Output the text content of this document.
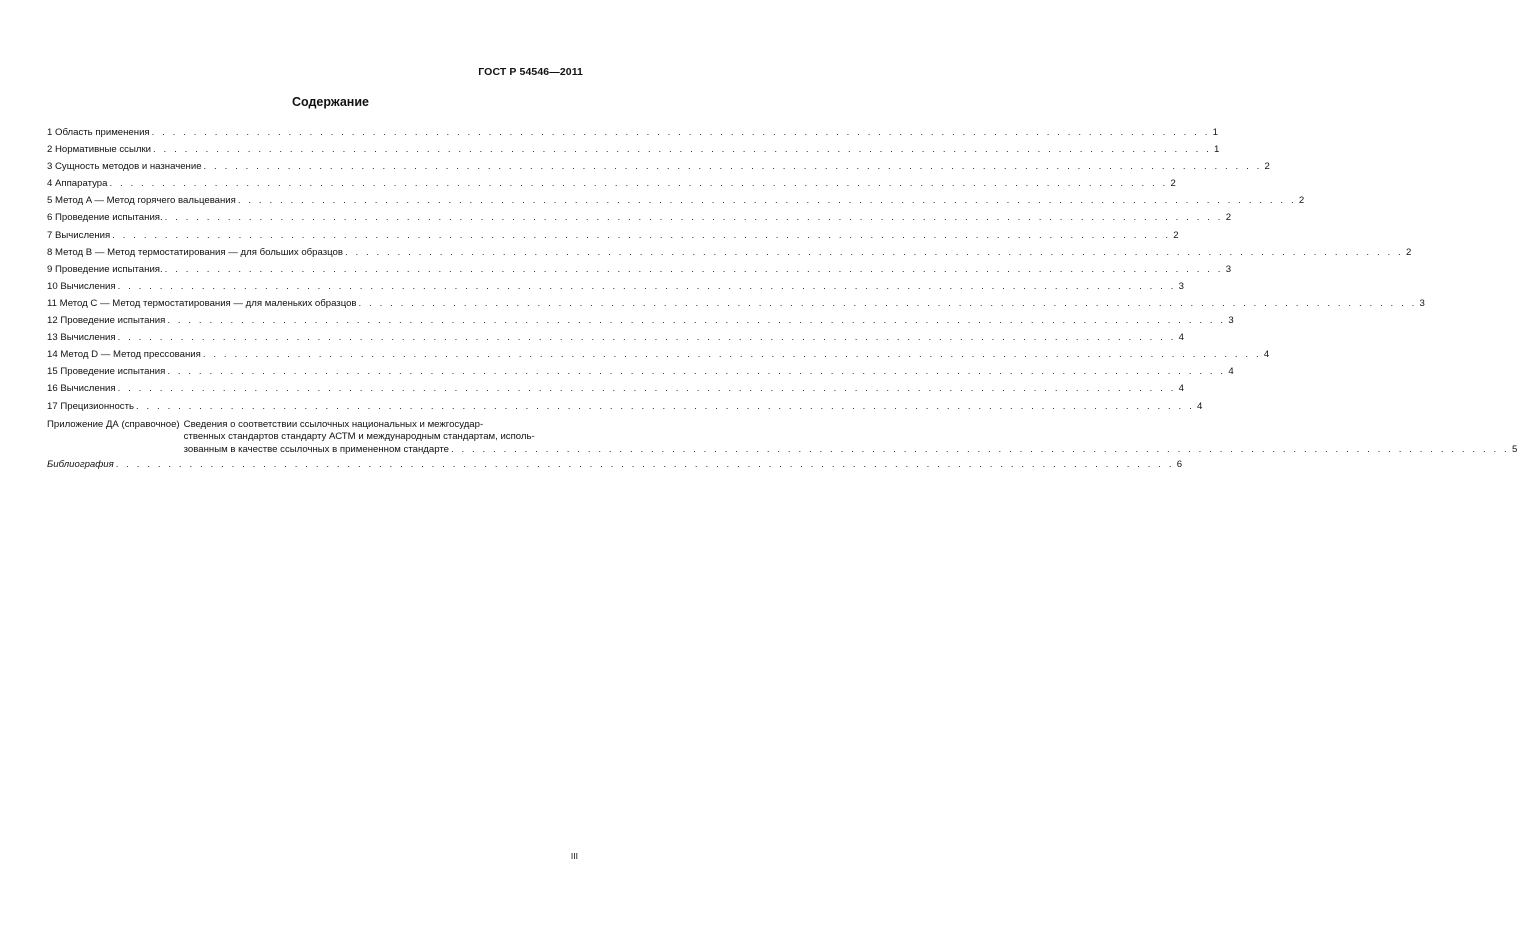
ГОСТ Р 54546—2011
Содержание
1 Область применения . . . . . . . . . . . . . . . . . . . . . . . . . . . . . . . . . . . . . . . . . . . . . . . . . . . . . . . . . . . . . . . . . . . . . . . . . . . . . . . . . . . . . . . . . . . . . . . . . . . . . 1
2 Нормативные ссылки . . . . . . . . . . . . . . . . . . . . . . . . . . . . . . . . . . . . . . . . . . . . . . . . . . . . . . . . . . . . . . . . . . . . . . . . . . . . . . . . . . . . . . . . . . . . . . . . . . . . . 1
3 Сущность методов и назначение . . . . . . . . . . . . . . . . . . . . . . . . . . . . . . . . . . . . . . . . . . . . . . . . . . . . . . . . . . . . . . . . . . . . . . . . . . . . . . . . . . . . . . . . . . . . . . . . . . . . . 2
4 Аппаратура . . . . . . . . . . . . . . . . . . . . . . . . . . . . . . . . . . . . . . . . . . . . . . . . . . . . . . . . . . . . . . . . . . . . . . . . . . . . . . . . . . . . . . . . . . . . . . . . . . . . . 2
5 Метод A — Метод горячего вальцевания . . . . . . . . . . . . . . . . . . . . . . . . . . . . . . . . . . . . . . . . . . . . . . . . . . . . . . . . . . . . . . . . . . . . . . . . . . . . . . . . . . . . . . . . . . . . . . . . . . . . . 2
6 Проведение испытания. . . . . . . . . . . . . . . . . . . . . . . . . . . . . . . . . . . . . . . . . . . . . . . . . . . . . . . . . . . . . . . . . . . . . . . . . . . . . . . . . . . . . . . . . . . . . . . . . . . . . . 2
7 Вычисления . . . . . . . . . . . . . . . . . . . . . . . . . . . . . . . . . . . . . . . . . . . . . . . . . . . . . . . . . . . . . . . . . . . . . . . . . . . . . . . . . . . . . . . . . . . . . . . . . . . . . 2
8 Метод B — Метод термостатирования — для больших образцов . . . . . . . . . . . . . . . . . . . . . . . . . . . . . . . . . . . . . . . . . . . . . . . . . . . . . . . . . . . . . . . . . . . . . . . . . . . . . . . . . . . . . . . . . . . . . . . . . . . . . 2
9 Проведение испытания. . . . . . . . . . . . . . . . . . . . . . . . . . . . . . . . . . . . . . . . . . . . . . . . . . . . . . . . . . . . . . . . . . . . . . . . . . . . . . . . . . . . . . . . . . . . . . . . . . . . . . 3
10 Вычисления . . . . . . . . . . . . . . . . . . . . . . . . . . . . . . . . . . . . . . . . . . . . . . . . . . . . . . . . . . . . . . . . . . . . . . . . . . . . . . . . . . . . . . . . . . . . . . . . . . . . . 3
11 Метод C — Метод термостатирования — для маленьких образцов . . . . . . . . . . . . . . . . . . . . . . . . . . . . . . . . . . . . . . . . . . . . . . . . . . . . . . . . . . . . . . . . . . . . . . . . . . . . . . . . . . . . . . . . . . . . . . . . . . . . . 3
12 Проведение испытания . . . . . . . . . . . . . . . . . . . . . . . . . . . . . . . . . . . . . . . . . . . . . . . . . . . . . . . . . . . . . . . . . . . . . . . . . . . . . . . . . . . . . . . . . . . . . . . . . . . . . 3
13 Вычисления . . . . . . . . . . . . . . . . . . . . . . . . . . . . . . . . . . . . . . . . . . . . . . . . . . . . . . . . . . . . . . . . . . . . . . . . . . . . . . . . . . . . . . . . . . . . . . . . . . . . . 4
14 Метод D — Метод прессования . . . . . . . . . . . . . . . . . . . . . . . . . . . . . . . . . . . . . . . . . . . . . . . . . . . . . . . . . . . . . . . . . . . . . . . . . . . . . . . . . . . . . . . . . . . . . . . . . . . . . 4
15 Проведение испытания . . . . . . . . . . . . . . . . . . . . . . . . . . . . . . . . . . . . . . . . . . . . . . . . . . . . . . . . . . . . . . . . . . . . . . . . . . . . . . . . . . . . . . . . . . . . . . . . . . . . . 4
16 Вычисления . . . . . . . . . . . . . . . . . . . . . . . . . . . . . . . . . . . . . . . . . . . . . . . . . . . . . . . . . . . . . . . . . . . . . . . . . . . . . . . . . . . . . . . . . . . . . . . . . . . . . 4
17 Прецизионность . . . . . . . . . . . . . . . . . . . . . . . . . . . . . . . . . . . . . . . . . . . . . . . . . . . . . . . . . . . . . . . . . . . . . . . . . . . . . . . . . . . . . . . . . . . . . . . . . . . . . 4
Приложение ДА (справочное) Сведения о соответствии ссылочных национальных и межгосудар-
ственных стандартов стандарту АСТМ и международным стандартам, исполь-
зованным в качестве ссылочных в примененном стандарте . . . . . . . . . . . . . . . . . . . . . . . . . . . . . . . . . . . . . . . . . . . . . . . . . . . . . . . . . . . . . . . . . . . . . . . . . . . . . . . . . . . . . . . . . . . . . . . . . . . . . 5
Библиография . . . . . . . . . . . . . . . . . . . . . . . . . . . . . . . . . . . . . . . . . . . . . . . . . . . . . . . . . . . . . . . . . . . . . . . . . . . . . . . . . . . . . . . . . . . . . . . . . . . . . 6
III
